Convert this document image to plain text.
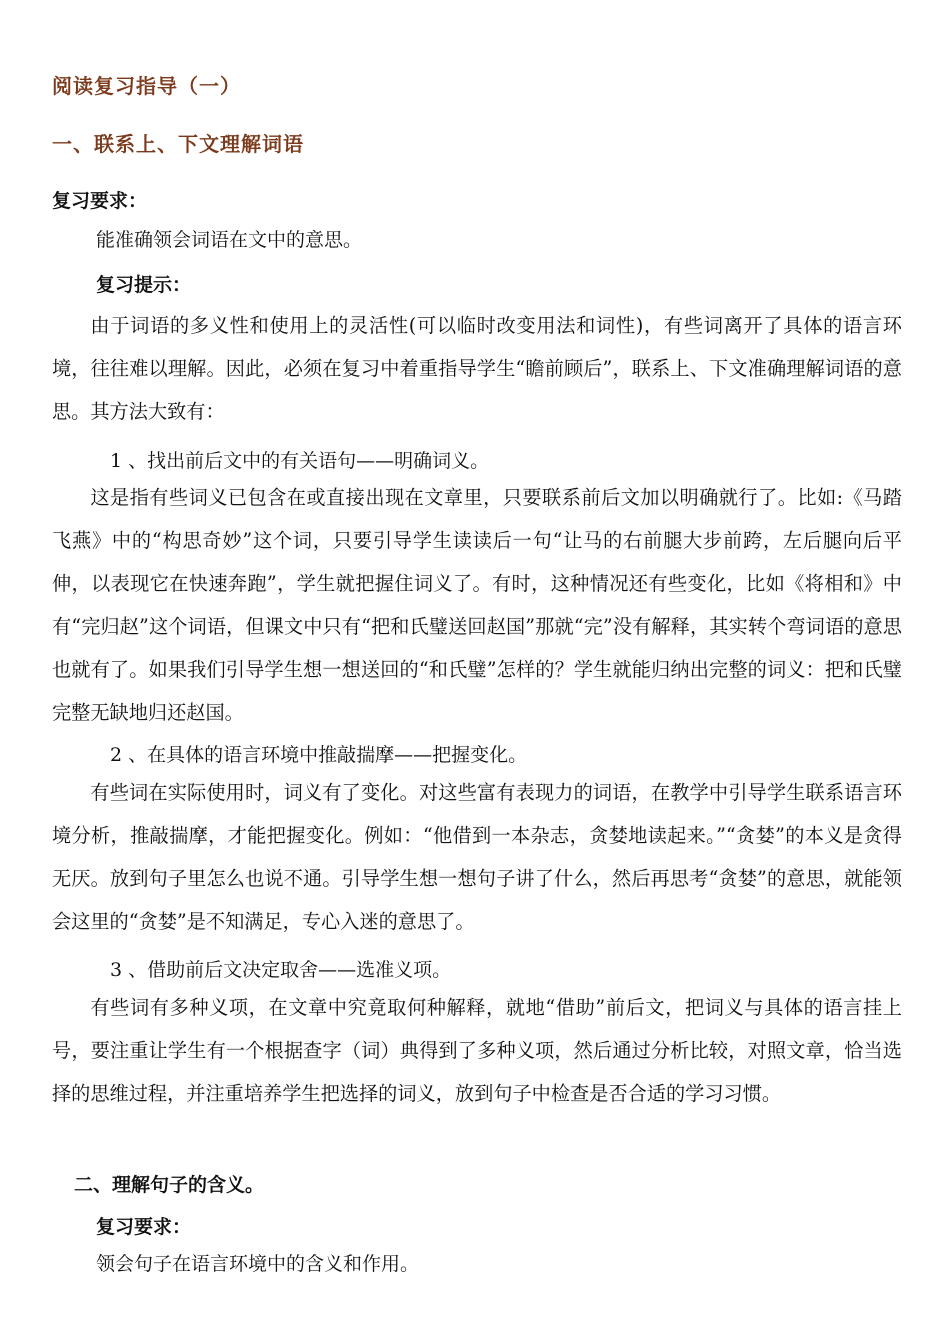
阅读复习指导（一）
一、联系上、下文理解词语
复习要求：
能准确领会词语在文中的意思。
复习提示：
由于词语的多义性和使用上的灵活性(可以临时改变用法和词性)，有些词离开了具体的语言环境，往往难以理解。因此，必须在复习中着重指导学生“瞻前顾后”，联系上、下文准确理解词语的意思。其方法大致有：
1 、找出前后文中的有关语句——明确词义。
这是指有些词义已包含在或直接出现在文章里，只要联系前后文加以明确就行了。比如:《马踏飞燕》中的“构思奇妙”这个词，只要引导学生读读后一句“让马的右前腿大步前跨，左后腿向后平伸，以表现它在快速奔跑”，学生就把握住词义了。有时，这种情况还有些变化，比如《将相和》中有“完归赵”这个词语，但课文中只有“把和氏璧送回赵国”那就“完”没有解释，其实转个弯词语的意思也就有了。如果我们引导学生想一想送回的“和氏璧”怎样的？学生就能归纳出完整的词义：把和氏璧完整无缺地归还赵国。
2 、在具体的语言环境中推敲揣摩——把握变化。
有些词在实际使用时，词义有了变化。对这些富有表现力的词语，在教学中引导学生联系语言环境分析，推敲揣摩，才能把握变化。例如：“他借到一本杂志，贪婪地读起来。”“贪婪”的本义是贪得无厌。放到句子里怎么也说不通。引导学生想一想句子讲了什么，然后再思考“贪婪”的意思，就能领会这里的“贪婪”是不知满足，专心入迷的意思了。
3 、借助前后文决定取舍——选准义项。
有些词有多种义项，在文章中究竟取何种解释，就地“借助”前后文，把词义与具体的语言挂上号，要注重让学生有一个根据查字（词）典得到了多种义项，然后通过分析比较，对照文章，恰当选择的思维过程，并注重培养学生把选择的词义，放到句子中检查是否合适的学习习惯。
二、理解句子的含义。
复习要求：
领会句子在语言环境中的含义和作用。
